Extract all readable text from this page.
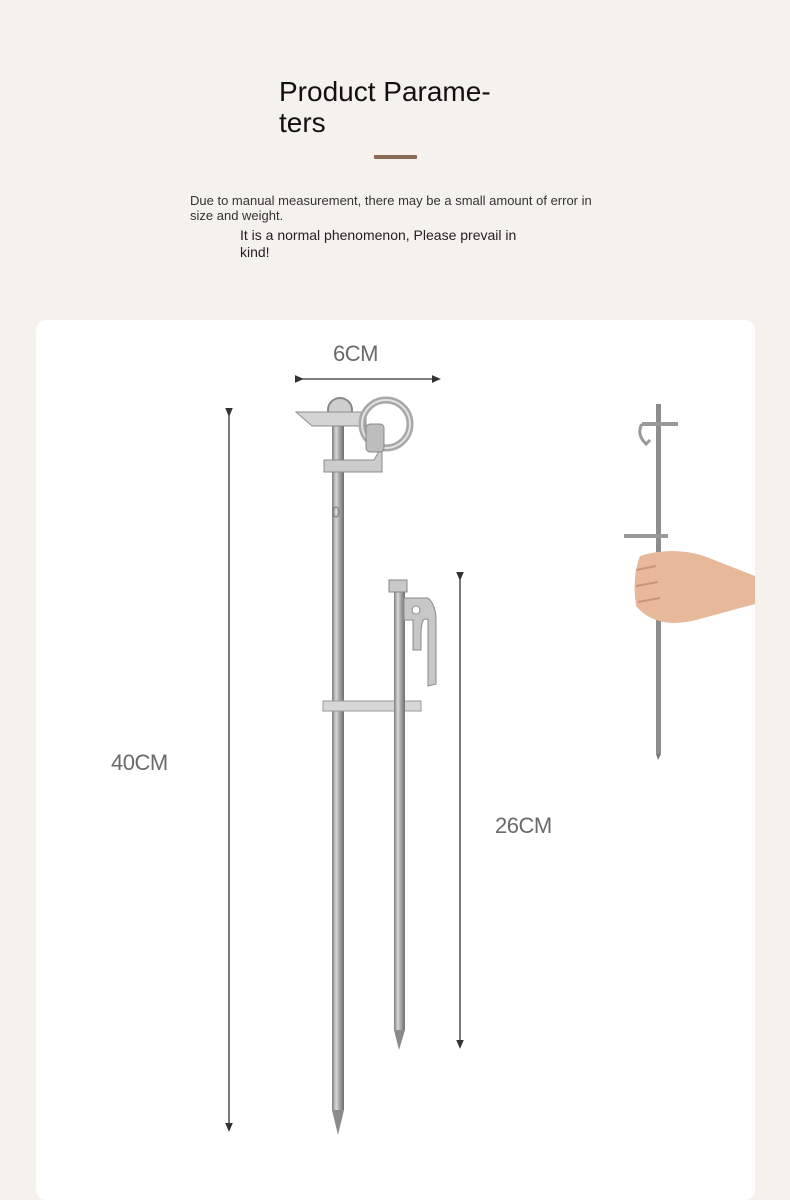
Product Parame-
ters
Due to manual measurement, there may be a small amount of error in size and weight.
It is a normal phenomenon, Please prevail in kind!
6CM
40CM
26CM
